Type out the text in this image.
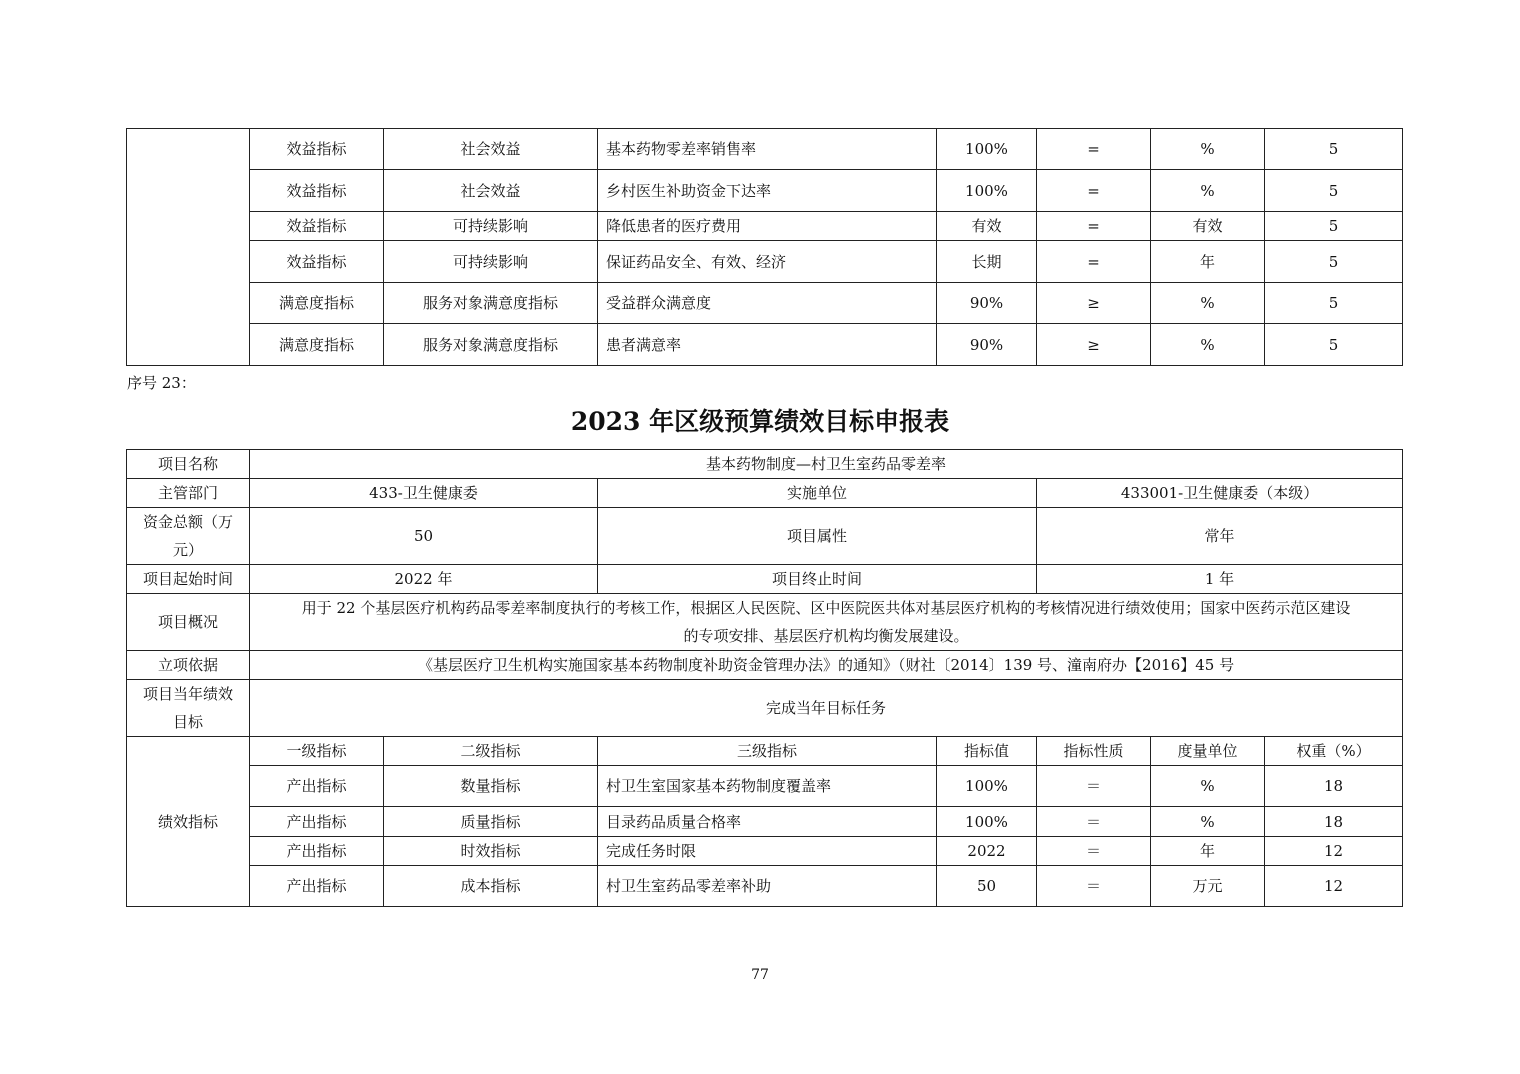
	效益指标	社会效益	基本药物零差率销售率	100%	=	%	5
	效益指标	社会效益	乡村医生补助资金下达率	100%	=	%	5
	效益指标	可持续影响	降低患者的医疗费用	有效	=	有效	5
	效益指标	可持续影响	保证药品安全、有效、经济	长期	=	年	5
	满意度指标	服务对象满意度指标	受益群众满意度	90%	≥	%	5
	满意度指标	服务对象满意度指标	患者满意率	90%	≥	%	5
序号 23：
2023 年区级预算绩效目标申报表
项目名称	基本药物制度—村卫生室药品零差率						
主管部门	433-卫生健康委		实施单位		433001-卫生健康委（本级）		
资金总额（万
元）	50		项目属性		常年		
项目起始时间	2022 年		项目终止时间		1 年		
项目概况	用于 22 个基层医疗机构药品零差率制度执行的考核工作，根据区人民医院、区中医院医共体对基层医疗机构的考核情况进行绩效使用；国家中医药示范区建设
的专项安排、基层医疗机构均衡发展建设。						
立项依据	《基层医疗卫生机构实施国家基本药物制度补助资金管理办法》的通知》（财社〔2014〕139 号、潼南府办【2016】45 号						
项目当年绩效
目标	完成当年目标任务						
绩效指标	一级指标	二级指标	三级指标	指标值	指标性质	度量单位	权重（%）
	产出指标	数量指标	村卫生室国家基本药物制度覆盖率	100%	＝	%	18
	产出指标	质量指标	目录药品质量合格率	100%	＝	%	18
	产出指标	时效指标	完成任务时限	2022	＝	年	12
	产出指标	成本指标	村卫生室药品零差率补助	50	＝	万元	12
77
